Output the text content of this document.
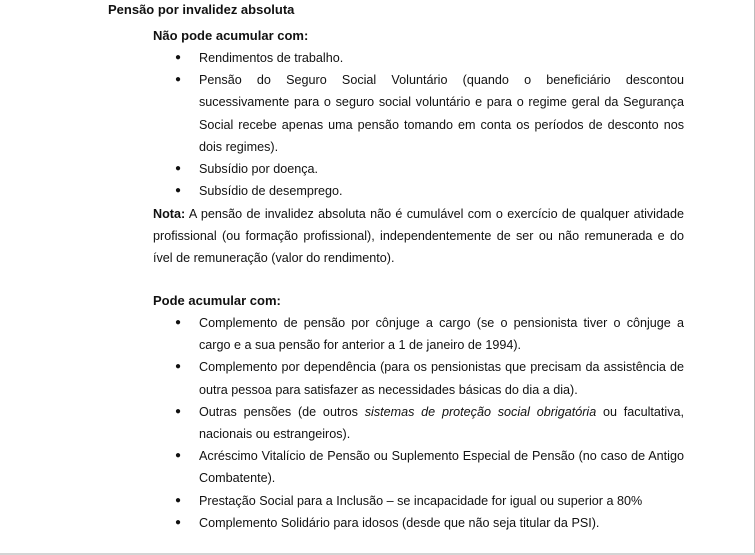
Pensão por invalidez absoluta
Não pode acumular com:
● Rendimentos de trabalho.
● Pensão do Seguro Social Voluntário (quando o beneficiário descontou sucessivamente para o seguro social voluntário e para o regime geral da Segurança Social recebe apenas uma pensão tomando em conta os períodos de desconto nos dois regimes).
● Subsídio por doença.
● Subsídio de desemprego.
Nota: A pensão de invalidez absoluta não é cumulável com o exercício de qualquer atividade profissional (ou formação profissional), independentemente de ser ou não remunerada e do ível de remuneração (valor do rendimento).
Pode acumular com:
● Complemento de pensão por cônjuge a cargo (se o pensionista tiver o cônjuge a cargo e a sua pensão for anterior a 1 de janeiro de 1994).
● Complemento por dependência (para os pensionistas que precisam da assistência de outra pessoa para satisfazer as necessidades básicas do dia a dia).
● Outras pensões (de outros sistemas de proteção social obrigatória ou facultativa, nacionais ou estrangeiros).
● Acréscimo Vitalício de Pensão ou Suplemento Especial de Pensão (no caso de Antigo Combatente).
● Prestação Social para a Inclusão – se incapacidade for igual ou superior a 80%
● Complemento Solidário para idosos (desde que não seja titular da PSI).
